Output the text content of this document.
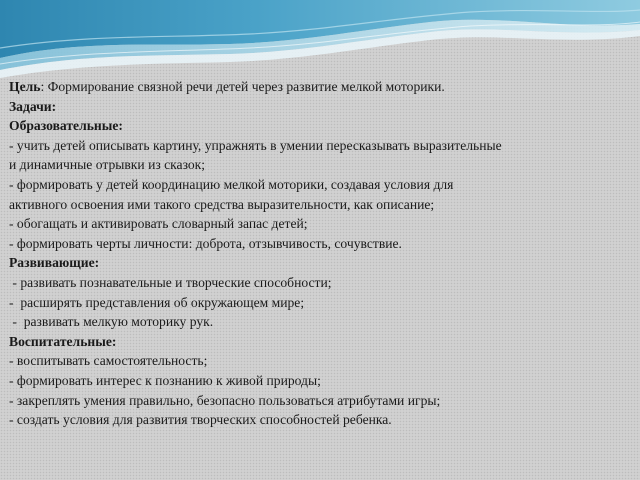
Цель: Формирование связной речи детей через развитие мелкой моторики.
Задачи:
Образовательные:
- учить детей описывать картину, упражнять в умении пересказывать выразительные
и динамичные отрывки из сказок;
- формировать у детей координацию мелкой моторики, создавая условия для
активного освоения ими такого средства выразительности, как описание;
- обогащать и активировать словарный запас детей;
- формировать черты личности: доброта, отзывчивость, сочувствие.
Развивающие:
- развивать познавательные и творческие способности;
-  расширять представления об окружающем мире;
-  развивать мелкую моторику рук.
Воспитательные:
- воспитывать самостоятельность;
- формировать интерес к познанию к живой природы;
- закреплять умения правильно, безопасно пользоваться атрибутами игры;
- создать условия для развития творческих способностей ребенка.
